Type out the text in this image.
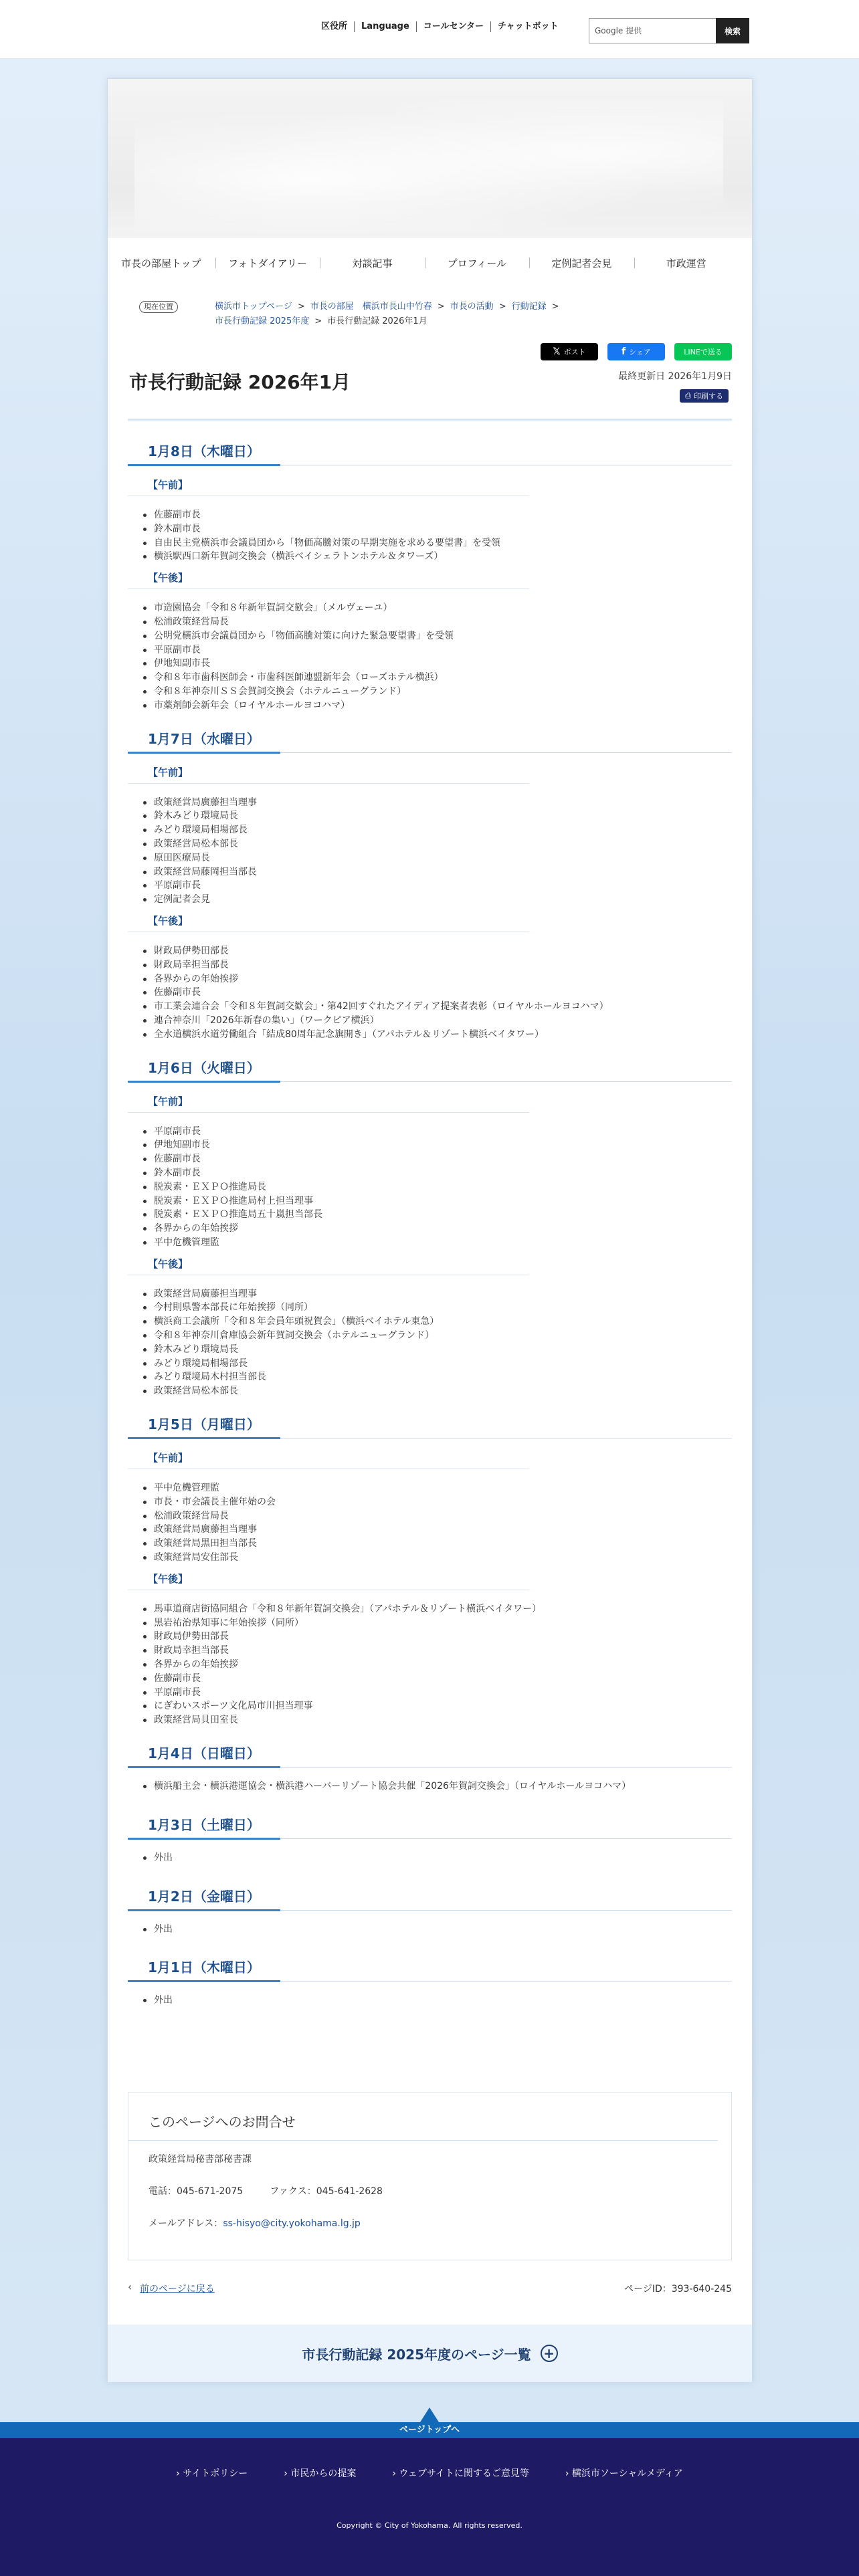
区役所	Language	コールセンター	チャットボット
Google 提供	検索
市長の部屋トップ	フォトダイアリー	対談記事	プロフィール	定例記者会見	市政運営
現在位置	横浜市トップページ > 市長の部屋　横浜市長山中竹春 > 市長の活動 > 行動記録 >
市長行動記録 2025年度 > 市長行動記録 2026年1月
𝕏 ポスト	f シェア	LINEで送る
市長行動記録 2026年1月	最終更新日 2026年1月9日
⎙ 印刷する
1月8日（木曜日）
【午前】
佐藤副市長
鈴木副市長
自由民主党横浜市会議員団から「物価高騰対策の早期実施を求める要望書」を受領
横浜駅西口新年賀詞交換会（横浜ベイシェラトンホテル＆タワーズ）
【午後】
市造園協会「令和８年新年賀詞交歓会」（メルヴェーユ）
松浦政策経営局長
公明党横浜市会議員団から「物価高騰対策に向けた緊急要望書」を受領
平原副市長
伊地知副市長
令和８年市歯科医師会・市歯科医師連盟新年会（ローズホテル横浜）
令和８年神奈川ＳＳ会賀詞交換会（ホテルニューグランド）
市薬剤師会新年会（ロイヤルホールヨコハマ）
1月7日（水曜日）
【午前】
政策経営局廣藤担当理事
鈴木みどり環境局長
みどり環境局相場部長
政策経営局松本部長
原田医療局長
政策経営局藤岡担当部長
平原副市長
定例記者会見
【午後】
財政局伊勢田部長
財政局幸担当部長
各界からの年始挨拶
佐藤副市長
市工業会連合会「令和８年賀詞交歓会」・第42回すぐれたアイディア提案者表彰（ロイヤルホールヨコハマ）
連合神奈川「2026年新春の集い」（ワークピア横浜）
全水道横浜水道労働組合「結成80周年記念旗開き」（アパホテル＆リゾート横浜ベイタワー）
1月6日（火曜日）
【午前】
平原副市長
伊地知副市長
佐藤副市長
鈴木副市長
脱炭素・ＥＸＰＯ推進局長
脱炭素・ＥＸＰＯ推進局村上担当理事
脱炭素・ＥＸＰＯ推進局五十嵐担当部長
各界からの年始挨拶
平中危機管理監
【午後】
政策経営局廣藤担当理事
今村則県警本部長に年始挨拶（同所）
横浜商工会議所「令和８年会員年頭祝賀会」（横浜ベイホテル東急）
令和８年神奈川倉庫協会新年賀詞交換会（ホテルニューグランド）
鈴木みどり環境局長
みどり環境局相場部長
みどり環境局木村担当部長
政策経営局松本部長
1月5日（月曜日）
【午前】
平中危機管理監
市長・市会議長主催年始の会
松浦政策経営局長
政策経営局廣藤担当理事
政策経営局黒田担当部長
政策経営局安住部長
【午後】
馬車道商店街協同組合「令和８年新年賀詞交換会」（アパホテル＆リゾート横浜ベイタワー）
黒岩祐治県知事に年始挨拶（同所）
財政局伊勢田部長
財政局幸担当部長
各界からの年始挨拶
佐藤副市長
平原副市長
にぎわいスポーツ文化局市川担当理事
政策経営局貝田室長
1月4日（日曜日）
横浜船主会・横浜港運協会・横浜港ハーバーリゾート協会共催「2026年賀詞交換会」（ロイヤルホールヨコハマ）
1月3日（土曜日）
外出
1月2日（金曜日）
外出
1月1日（木曜日）
外出
このページへのお問合せ

政策経営局秘書部秘書課

電話：045-671-2075	ファクス：045-641-2628

メールアドレス：ss-hisyo@city.yokohama.lg.jp

‹ 前のページに戻る	ページID：393-640-245
市長行動記録 2025年度のページ一覧 +
ページトップへ
› サイトポリシー	› 市民からの提案	› ウェブサイトに関するご意見等	› 横浜市ソーシャルメディア
Copyright © City of Yokohama. All rights reserved.
